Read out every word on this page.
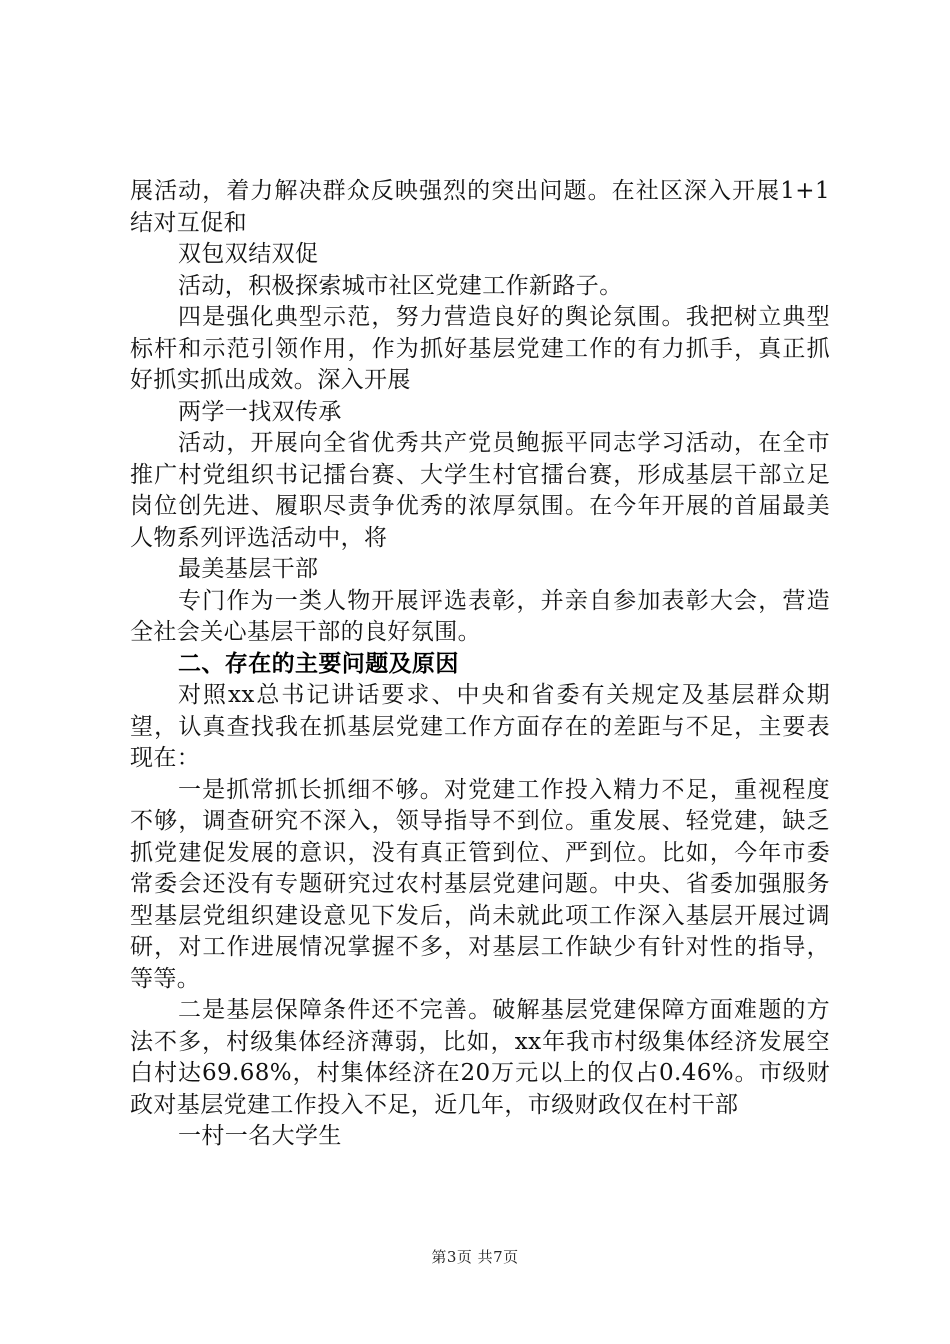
展活动，着力解决群众反映强烈的突出问题。在社区深入开展1+1结对互促和

双包双结双促

活动，积极探索城市社区党建工作新路子。

四是强化典型示范，努力营造良好的舆论氛围。我把树立典型标杆和示范引领作用，作为抓好基层党建工作的有力抓手，真正抓好抓实抓出成效。深入开展

两学一找双传承

活动，开展向全省优秀共产党员鲍振平同志学习活动，在全市推广村党组织书记擂台赛、大学生村官擂台赛，形成基层干部立足岗位创先进、履职尽责争优秀的浓厚氛围。在今年开展的首届最美人物系列评选活动中，将

最美基层干部

专门作为一类人物开展评选表彰，并亲自参加表彰大会，营造全社会关心基层干部的良好氛围。

二、存在的主要问题及原因

对照xx总书记讲话要求、中央和省委有关规定及基层群众期望，认真查找我在抓基层党建工作方面存在的差距与不足，主要表现在：

一是抓常抓长抓细不够。对党建工作投入精力不足，重视程度不够，调查研究不深入，领导指导不到位。重发展、轻党建，缺乏抓党建促发展的意识，没有真正管到位、严到位。比如，今年市委常委会还没有专题研究过农村基层党建问题。中央、省委加强服务型基层党组织建设意见下发后，尚未就此项工作深入基层开展过调研，对工作进展情况掌握不多，对基层工作缺少有针对性的指导，等等。

二是基层保障条件还不完善。破解基层党建保障方面难题的方法不多，村级集体经济薄弱，比如，xx年我市村级集体经济发展空白村达69.68%，村集体经济在20万元以上的仅占0.46%。市级财政对基层党建工作投入不足，近几年，市级财政仅在村干部

一村一名大学生

第3页 共7页
